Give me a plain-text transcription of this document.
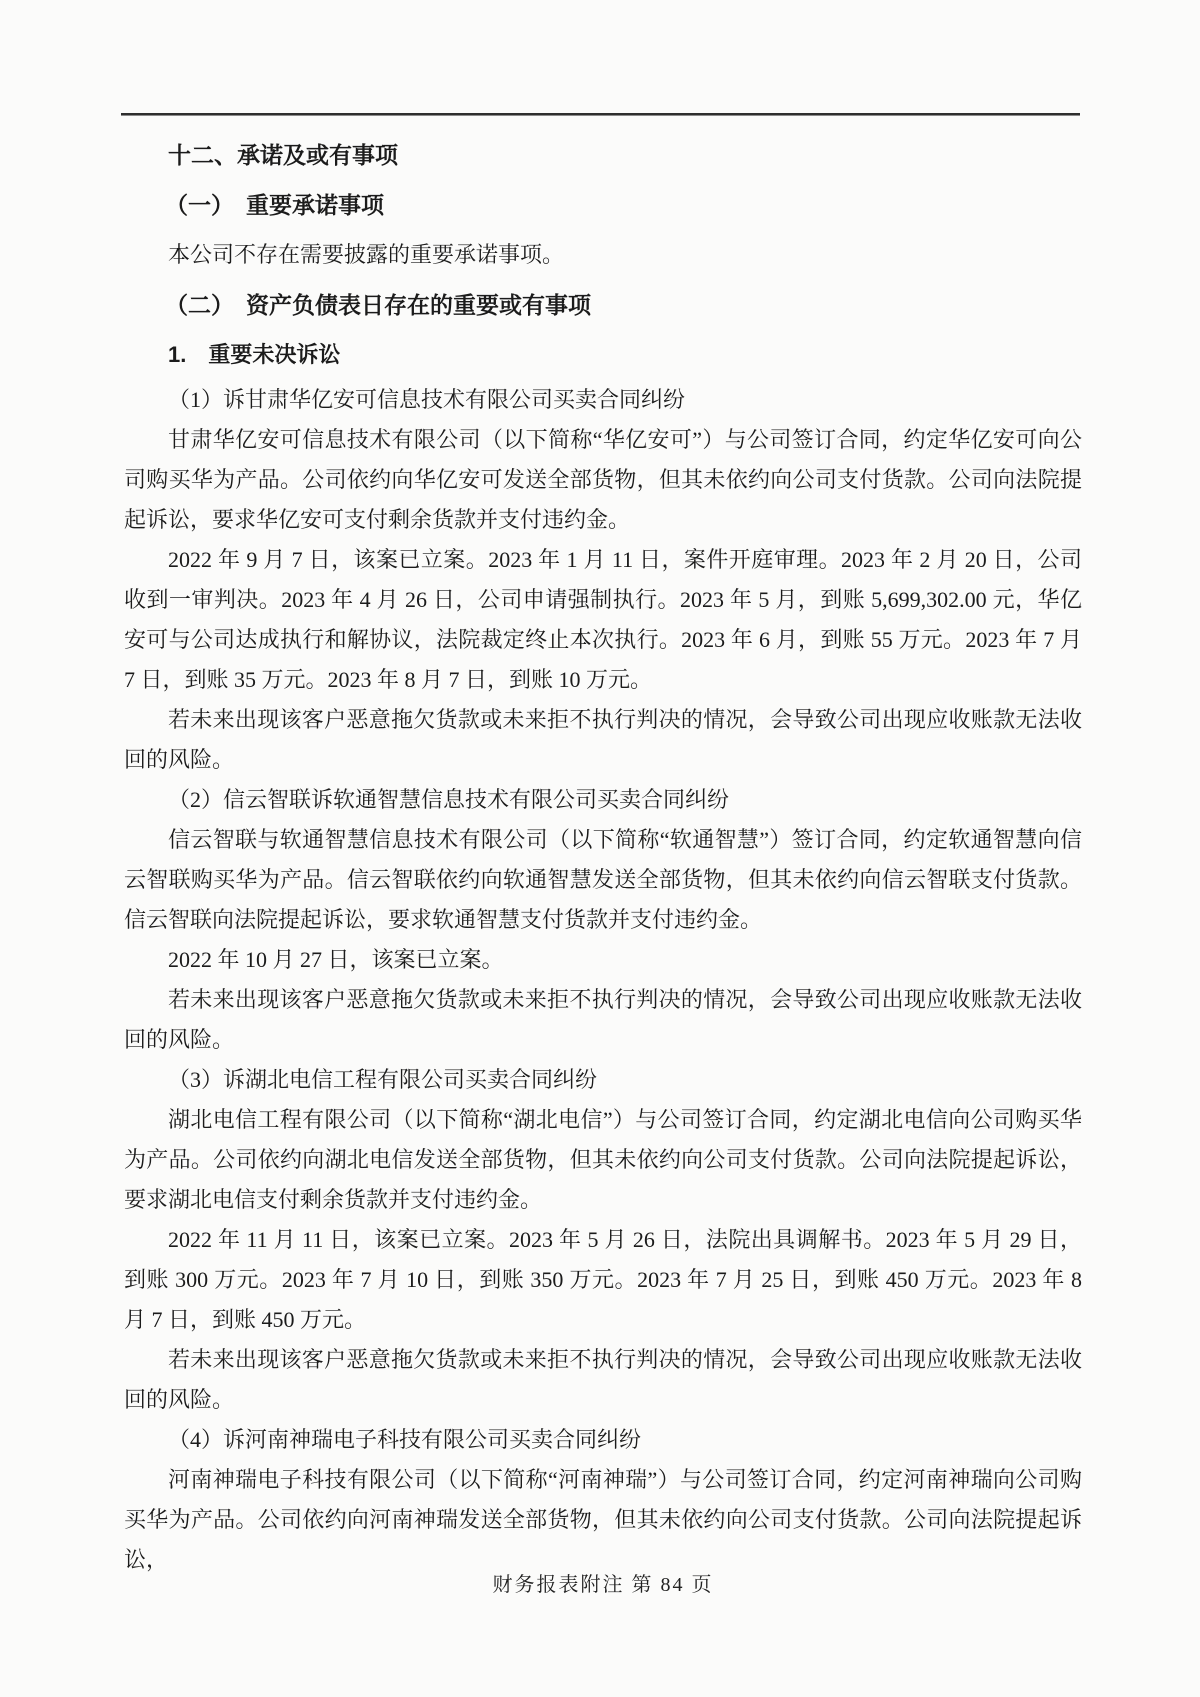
十二、承诺及或有事项
（一） 重要承诺事项

本公司不存在需要披露的重要承诺事项。

（二） 资产负债表日存在的重要或有事项
1. 重要未决诉讼

（1）诉甘肃华亿安可信息技术有限公司买卖合同纠纷

甘肃华亿安可信息技术有限公司（以下简称“华亿安可”）与公司签订合同，约定华亿安可向公司购买华为产品。公司依约向华亿安可发送全部货物，但其未依约向公司支付货款。公司向法院提起诉讼，要求华亿安可支付剩余货款并支付违约金。

2022 年 9 月 7 日，该案已立案。2023 年 1 月 11 日，案件开庭审理。2023 年 2 月 20 日，公司收到一审判决。2023 年 4 月 26 日，公司申请强制执行。2023 年 5 月，到账 5,699,302.00 元，华亿安可与公司达成执行和解协议，法院裁定终止本次执行。2023 年 6 月，到账 55 万元。2023 年 7 月 7 日，到账 35 万元。2023 年 8 月 7 日，到账 10 万元。

若未来出现该客户恶意拖欠货款或未来拒不执行判决的情况，会导致公司出现应收账款无法收回的风险。

（2）信云智联诉软通智慧信息技术有限公司买卖合同纠纷

信云智联与软通智慧信息技术有限公司（以下简称“软通智慧”）签订合同，约定软通智慧向信云智联购买华为产品。信云智联依约向软通智慧发送全部货物，但其未依约向信云智联支付货款。信云智联向法院提起诉讼，要求软通智慧支付货款并支付违约金。

2022 年 10 月 27 日，该案已立案。

若未来出现该客户恶意拖欠货款或未来拒不执行判决的情况，会导致公司出现应收账款无法收回的风险。

（3）诉湖北电信工程有限公司买卖合同纠纷

湖北电信工程有限公司（以下简称“湖北电信”）与公司签订合同，约定湖北电信向公司购买华为产品。公司依约向湖北电信发送全部货物，但其未依约向公司支付货款。公司向法院提起诉讼，要求湖北电信支付剩余货款并支付违约金。

2022 年 11 月 11 日，该案已立案。2023 年 5 月 26 日，法院出具调解书。2023 年 5 月 29 日，到账 300 万元。2023 年 7 月 10 日，到账 350 万元。2023 年 7 月 25 日，到账 450 万元。2023 年 8 月 7 日，到账 450 万元。

若未来出现该客户恶意拖欠货款或未来拒不执行判决的情况，会导致公司出现应收账款无法收回的风险。

（4）诉河南神瑞电子科技有限公司买卖合同纠纷

河南神瑞电子科技有限公司（以下简称“河南神瑞”）与公司签订合同，约定河南神瑞向公司购买华为产品。公司依约向河南神瑞发送全部货物，但其未依约向公司支付货款。公司向法院提起诉讼，

财务报表附注 第 84 页
